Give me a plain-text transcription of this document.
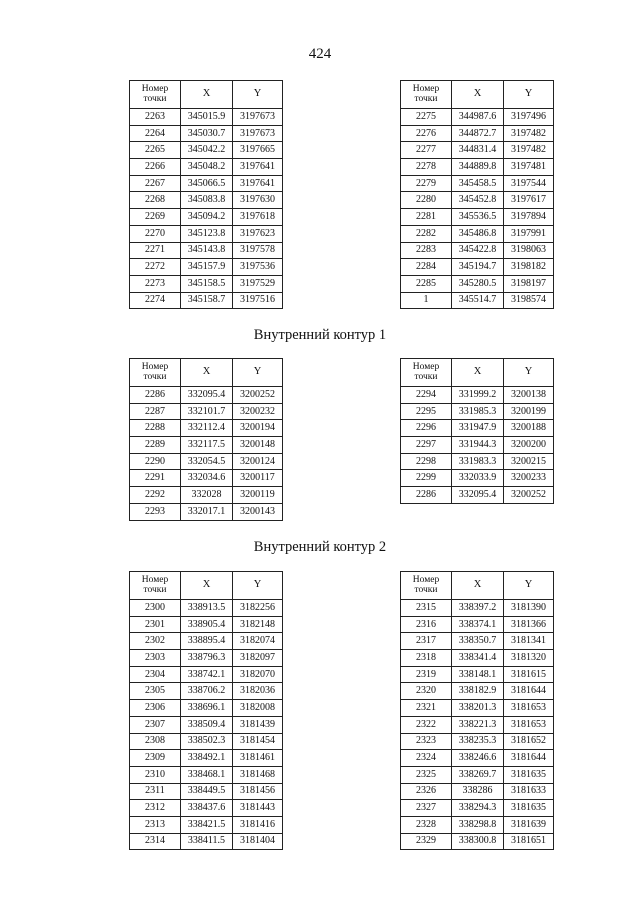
424
Номер точки	X	Y
2263	345015.9	3197673
2264	345030.7	3197673
2265	345042.2	3197665
2266	345048.2	3197641
2267	345066.5	3197641
2268	345083.8	3197630
2269	345094.2	3197618
2270	345123.8	3197623
2271	345143.8	3197578
2272	345157.9	3197536
2273	345158.5	3197529
2274	345158.7	3197516
Номер точки	X	Y
2275	344987.6	3197496
2276	344872.7	3197482
2277	344831.4	3197482
2278	344889.8	3197481
2279	345458.5	3197544
2280	345452.8	3197617
2281	345536.5	3197894
2282	345486.8	3197991
2283	345422.8	3198063
2284	345194.7	3198182
2285	345280.5	3198197
1	345514.7	3198574
Внутренний контур 1
Номер точки	X	Y
2286	332095.4	3200252
2287	332101.7	3200232
2288	332112.4	3200194
2289	332117.5	3200148
2290	332054.5	3200124
2291	332034.6	3200117
2292	332028	3200119
2293	332017.1	3200143
Номер точки	X	Y
2294	331999.2	3200138
2295	331985.3	3200199
2296	331947.9	3200188
2297	331944.3	3200200
2298	331983.3	3200215
2299	332033.9	3200233
2286	332095.4	3200252
Внутренний контур 2
Номер точки	X	Y
2300	338913.5	3182256
2301	338905.4	3182148
2302	338895.4	3182074
2303	338796.3	3182097
2304	338742.1	3182070
2305	338706.2	3182036
2306	338696.1	3182008
2307	338509.4	3181439
2308	338502.3	3181454
2309	338492.1	3181461
2310	338468.1	3181468
2311	338449.5	3181456
2312	338437.6	3181443
2313	338421.5	3181416
2314	338411.5	3181404
Номер точки	X	Y
2315	338397.2	3181390
2316	338374.1	3181366
2317	338350.7	3181341
2318	338341.4	3181320
2319	338148.1	3181615
2320	338182.9	3181644
2321	338201.3	3181653
2322	338221.3	3181653
2323	338235.3	3181652
2324	338246.6	3181644
2325	338269.7	3181635
2326	338286	3181633
2327	338294.3	3181635
2328	338298.8	3181639
2329	338300.8	3181651
